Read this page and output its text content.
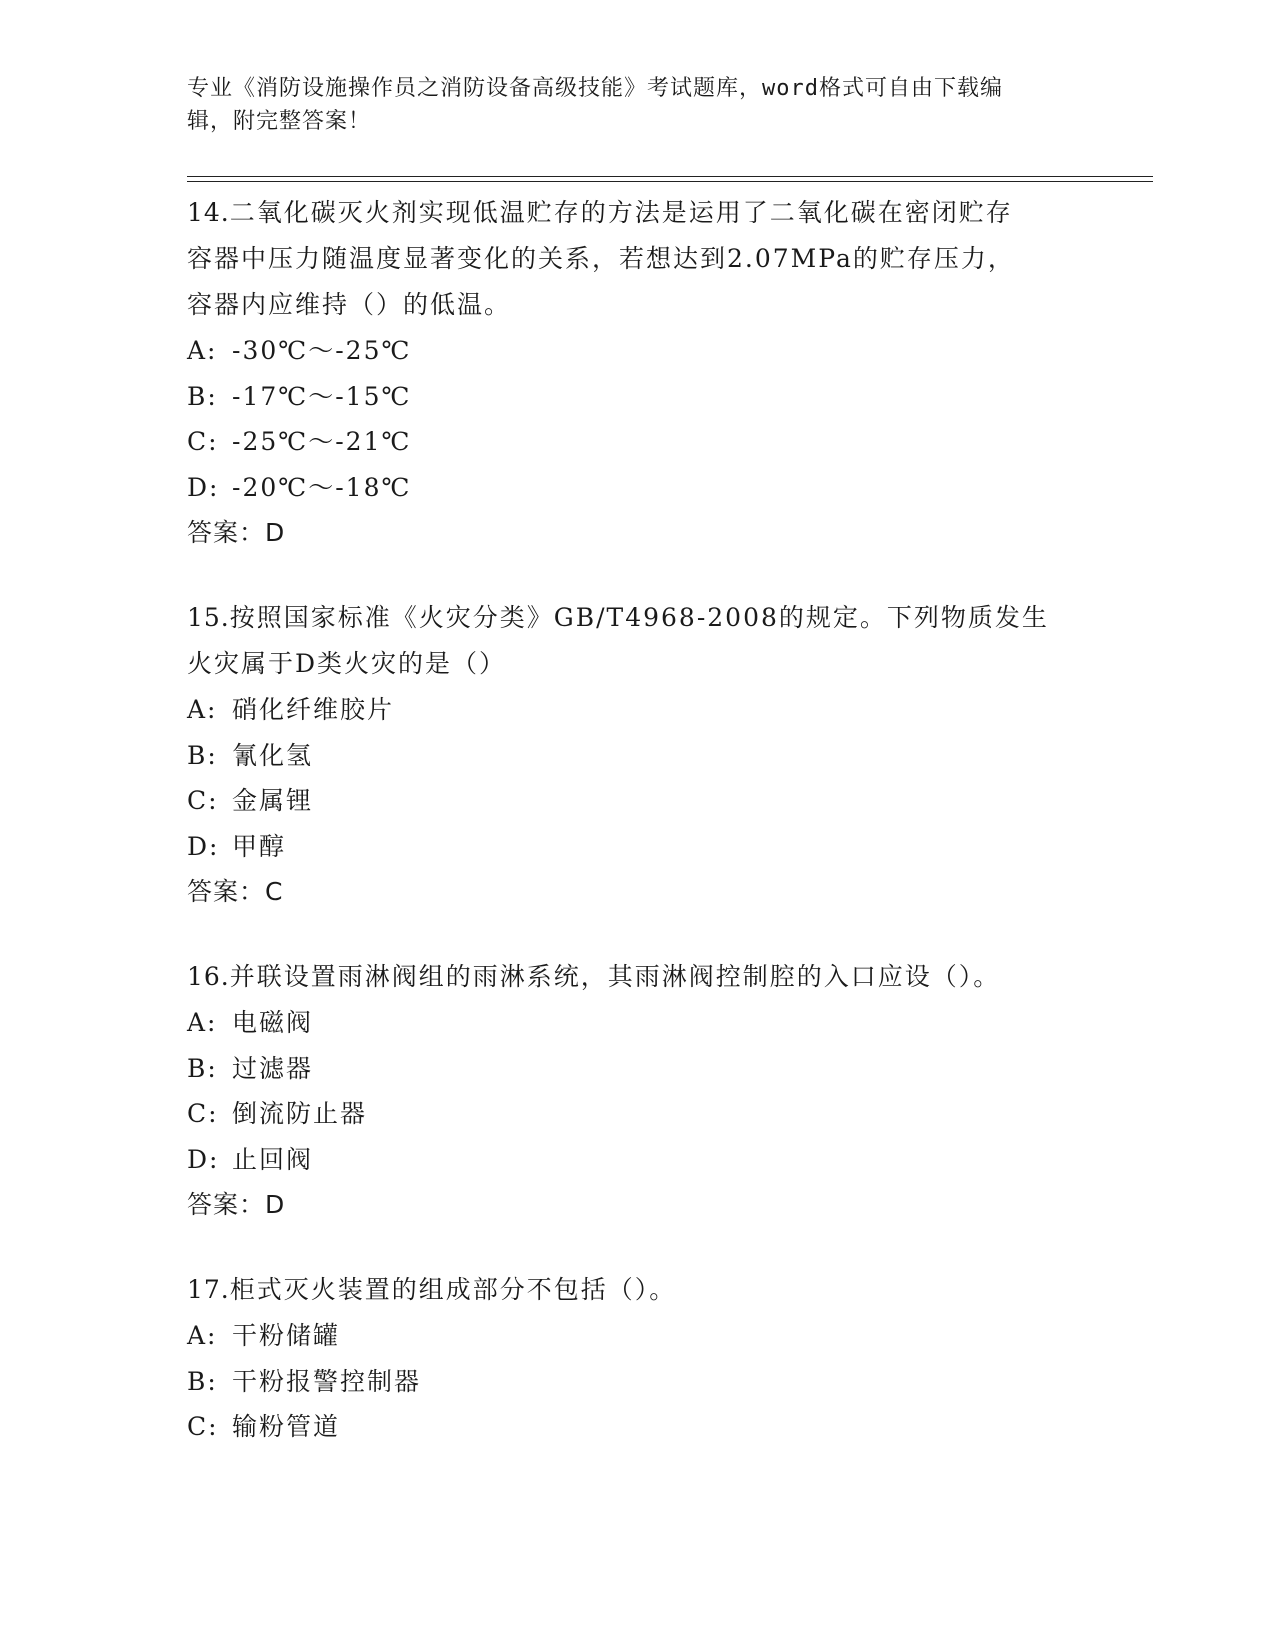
专业《消防设施操作员之消防设备高级技能》考试题库，word格式可自由下载编
辑，附完整答案！
14.二氧化碳灭火剂实现低温贮存的方法是运用了二氧化碳在密闭贮存
容器中压力随温度显著变化的关系，若想达到2.07MPa的贮存压力，
容器内应维持（）的低温。
A: -30℃～-25℃
B: -17℃～-15℃
C: -25℃～-21℃
D: -20℃～-18℃
答案：D
15.按照国家标准《火灾分类》GB/T4968-2008的规定。下列物质发生
火灾属于D类火灾的是（）
A: 硝化纤维胶片
B: 氰化氢
C: 金属锂
D: 甲醇
答案：C
16.并联设置雨淋阀组的雨淋系统，其雨淋阀控制腔的入口应设（）。
A: 电磁阀
B: 过滤器
C: 倒流防止器
D: 止回阀
答案：D
17.柜式灭火装置的组成部分不包括（）。
A: 干粉储罐
B: 干粉报警控制器
C: 输粉管道
